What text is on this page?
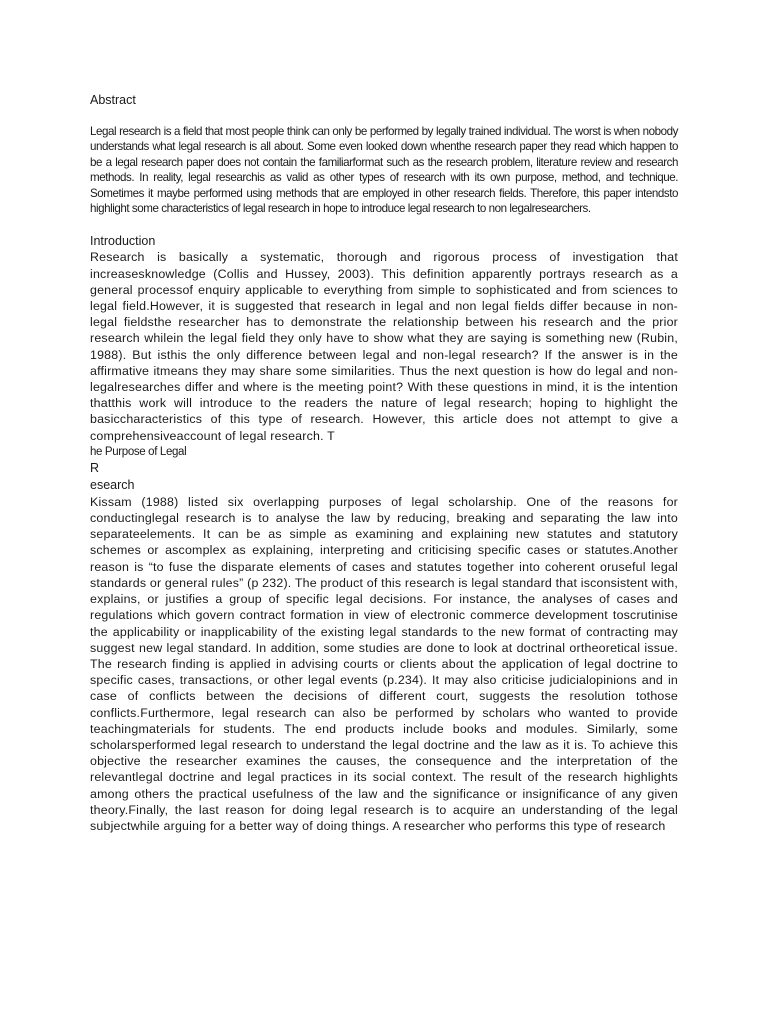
Abstract

Legal research is a field that most people think can only be performed by legally trained individual. The worst is when nobody understands what legal research is all about. Some even looked down whenthe research paper they read which happen to be a legal research paper does not contain the familiarformat such as the research problem, literature review and research methods. In reality, legal researchis as valid as other types of research with its own purpose, method, and technique. Sometimes it maybe performed using methods that are employed in other research fields. Therefore, this paper intendsto highlight some characteristics of legal research in hope to introduce legal research to non legalresearchers.

Introduction

Research is basically a systematic, thorough and rigorous process of investigation that increasesknowledge (Collis and Hussey, 2003). This definition apparently portrays research as a general processof enquiry applicable to everything from simple to sophisticated and from sciences to legal field.However, it is suggested that research in legal and non legal fields differ because in non-legal fieldsthe researcher has to demonstrate the relationship between his research and the prior research whilein the legal field they only have to show what they are saying is something new (Rubin, 1988). But isthis the only difference between legal and non-legal research? If the answer is in the affirmative itmeans they may share some similarities. Thus the next question is how do legal and non-legalresearches differ and where is the meeting point? With these questions in mind, it is the intention thatthis work will introduce to the readers the nature of legal research; hoping to highlight the basiccharacteristics of this type of research. However, this article does not attempt to give a comprehensiveaccount of legal research. T

he Purpose of Legal

R

esearch

Kissam (1988) listed six overlapping purposes of legal scholarship. One of the reasons for conductinglegal research is to analyse the law by reducing, breaking and separating the law into separateelements. It can be as simple as examining and explaining new statutes and statutory schemes or ascomplex as explaining, interpreting and criticising specific cases or statutes.Another reason is “to fuse the disparate elements of cases and statutes together into coherent oruseful legal standards or general rules” (p 232). The product of this research is legal standard that isconsistent with, explains, or justifies a group of specific legal decisions. For instance, the analyses of cases and regulations which govern contract formation in view of electronic commerce development toscrutinise the applicability or inapplicability of the existing legal standards to the new format of contracting may suggest new legal standard. In addition, some studies are done to look at doctrinal ortheoretical issue. The research finding is applied in advising courts or clients about the application of legal doctrine to specific cases, transactions, or other legal events (p.234). It may also criticise judicialopinions and in case of conflicts between the decisions of different court, suggests the resolution tothose conflicts.Furthermore, legal research can also be performed by scholars who wanted to provide teachingmaterials for students. The end products include books and modules. Similarly, some scholarsperformed legal research to understand the legal doctrine and the law as it is. To achieve this objective the researcher examines the causes, the consequence and the interpretation of the relevantlegal doctrine and legal practices in its social context. The result of the research highlights among others the practical usefulness of the law and the significance or insignificance of any given theory.Finally, the last reason for doing legal research is to acquire an understanding of the legal subjectwhile arguing for a better way of doing things. A researcher who performs this type of research
